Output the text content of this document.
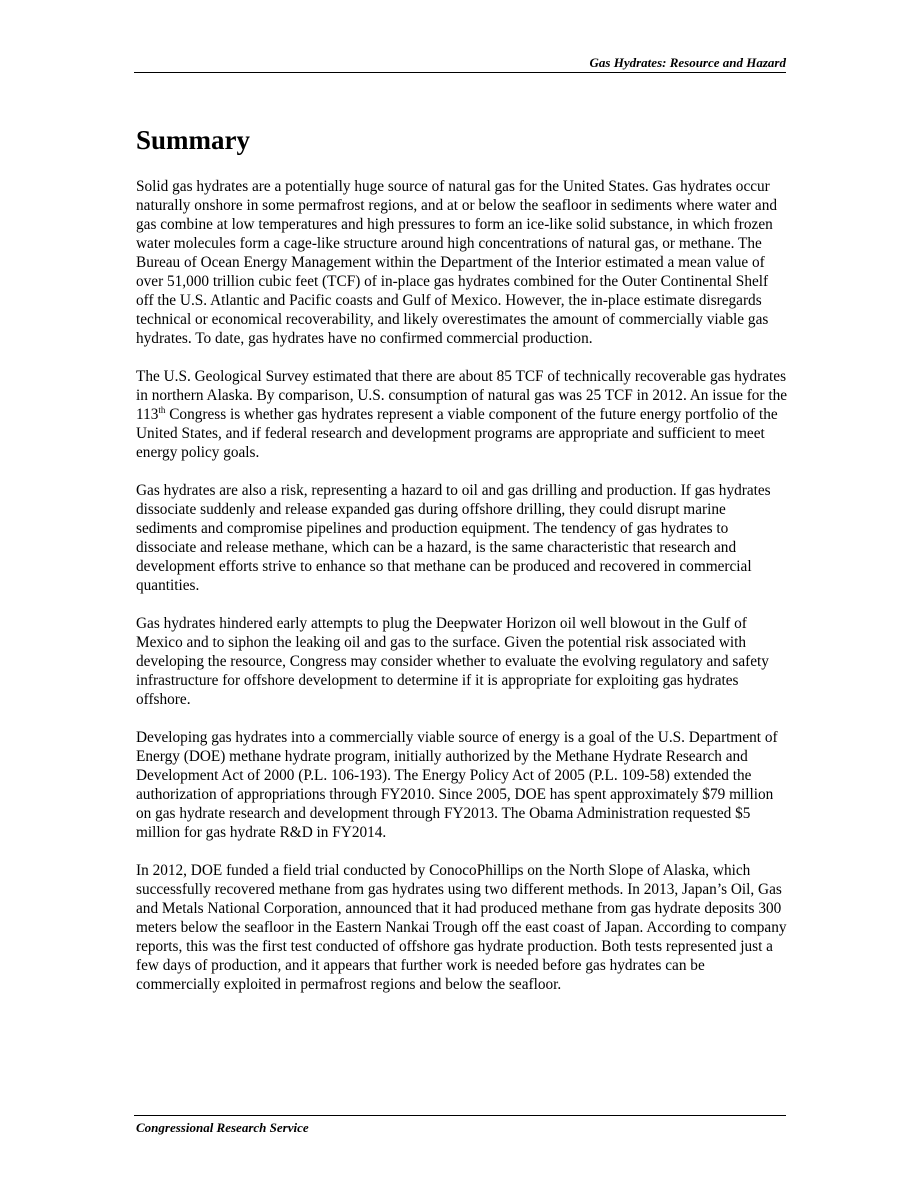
Gas Hydrates: Resource and Hazard
Summary

Solid gas hydrates are a potentially huge source of natural gas for the United States. Gas hydrates occur naturally onshore in some permafrost regions, and at or below the seafloor in sediments where water and gas combine at low temperatures and high pressures to form an ice-like solid substance, in which frozen water molecules form a cage-like structure around high concentrations of natural gas, or methane. The Bureau of Ocean Energy Management within the Department of the Interior estimated a mean value of over 51,000 trillion cubic feet (TCF) of in-place gas hydrates combined for the Outer Continental Shelf off the U.S. Atlantic and Pacific coasts and Gulf of Mexico. However, the in-place estimate disregards technical or economical recoverability, and likely overestimates the amount of commercially viable gas hydrates. To date, gas hydrates have no confirmed commercial production.

The U.S. Geological Survey estimated that there are about 85 TCF of technically recoverable gas hydrates in northern Alaska. By comparison, U.S. consumption of natural gas was 25 TCF in 2012. An issue for the 113th Congress is whether gas hydrates represent a viable component of the future energy portfolio of the United States, and if federal research and development programs are appropriate and sufficient to meet energy policy goals.

Gas hydrates are also a risk, representing a hazard to oil and gas drilling and production. If gas hydrates dissociate suddenly and release expanded gas during offshore drilling, they could disrupt marine sediments and compromise pipelines and production equipment. The tendency of gas hydrates to dissociate and release methane, which can be a hazard, is the same characteristic that research and development efforts strive to enhance so that methane can be produced and recovered in commercial quantities.

Gas hydrates hindered early attempts to plug the Deepwater Horizon oil well blowout in the Gulf of Mexico and to siphon the leaking oil and gas to the surface. Given the potential risk associated with developing the resource, Congress may consider whether to evaluate the evolving regulatory and safety infrastructure for offshore development to determine if it is appropriate for exploiting gas hydrates offshore.

Developing gas hydrates into a commercially viable source of energy is a goal of the U.S. Department of Energy (DOE) methane hydrate program, initially authorized by the Methane Hydrate Research and Development Act of 2000 (P.L. 106-193). The Energy Policy Act of 2005 (P.L. 109-58) extended the authorization of appropriations through FY2010. Since 2005, DOE has spent approximately $79 million on gas hydrate research and development through FY2013. The Obama Administration requested $5 million for gas hydrate R&D in FY2014.

In 2012, DOE funded a field trial conducted by ConocoPhillips on the North Slope of Alaska, which successfully recovered methane from gas hydrates using two different methods. In 2013, Japan’s Oil, Gas and Metals National Corporation, announced that it had produced methane from gas hydrate deposits 300 meters below the seafloor in the Eastern Nankai Trough off the east coast of Japan. According to company reports, this was the first test conducted of offshore gas hydrate production. Both tests represented just a few days of production, and it appears that further work is needed before gas hydrates can be commercially exploited in permafrost regions and below the seafloor.

Congressional Research Service
